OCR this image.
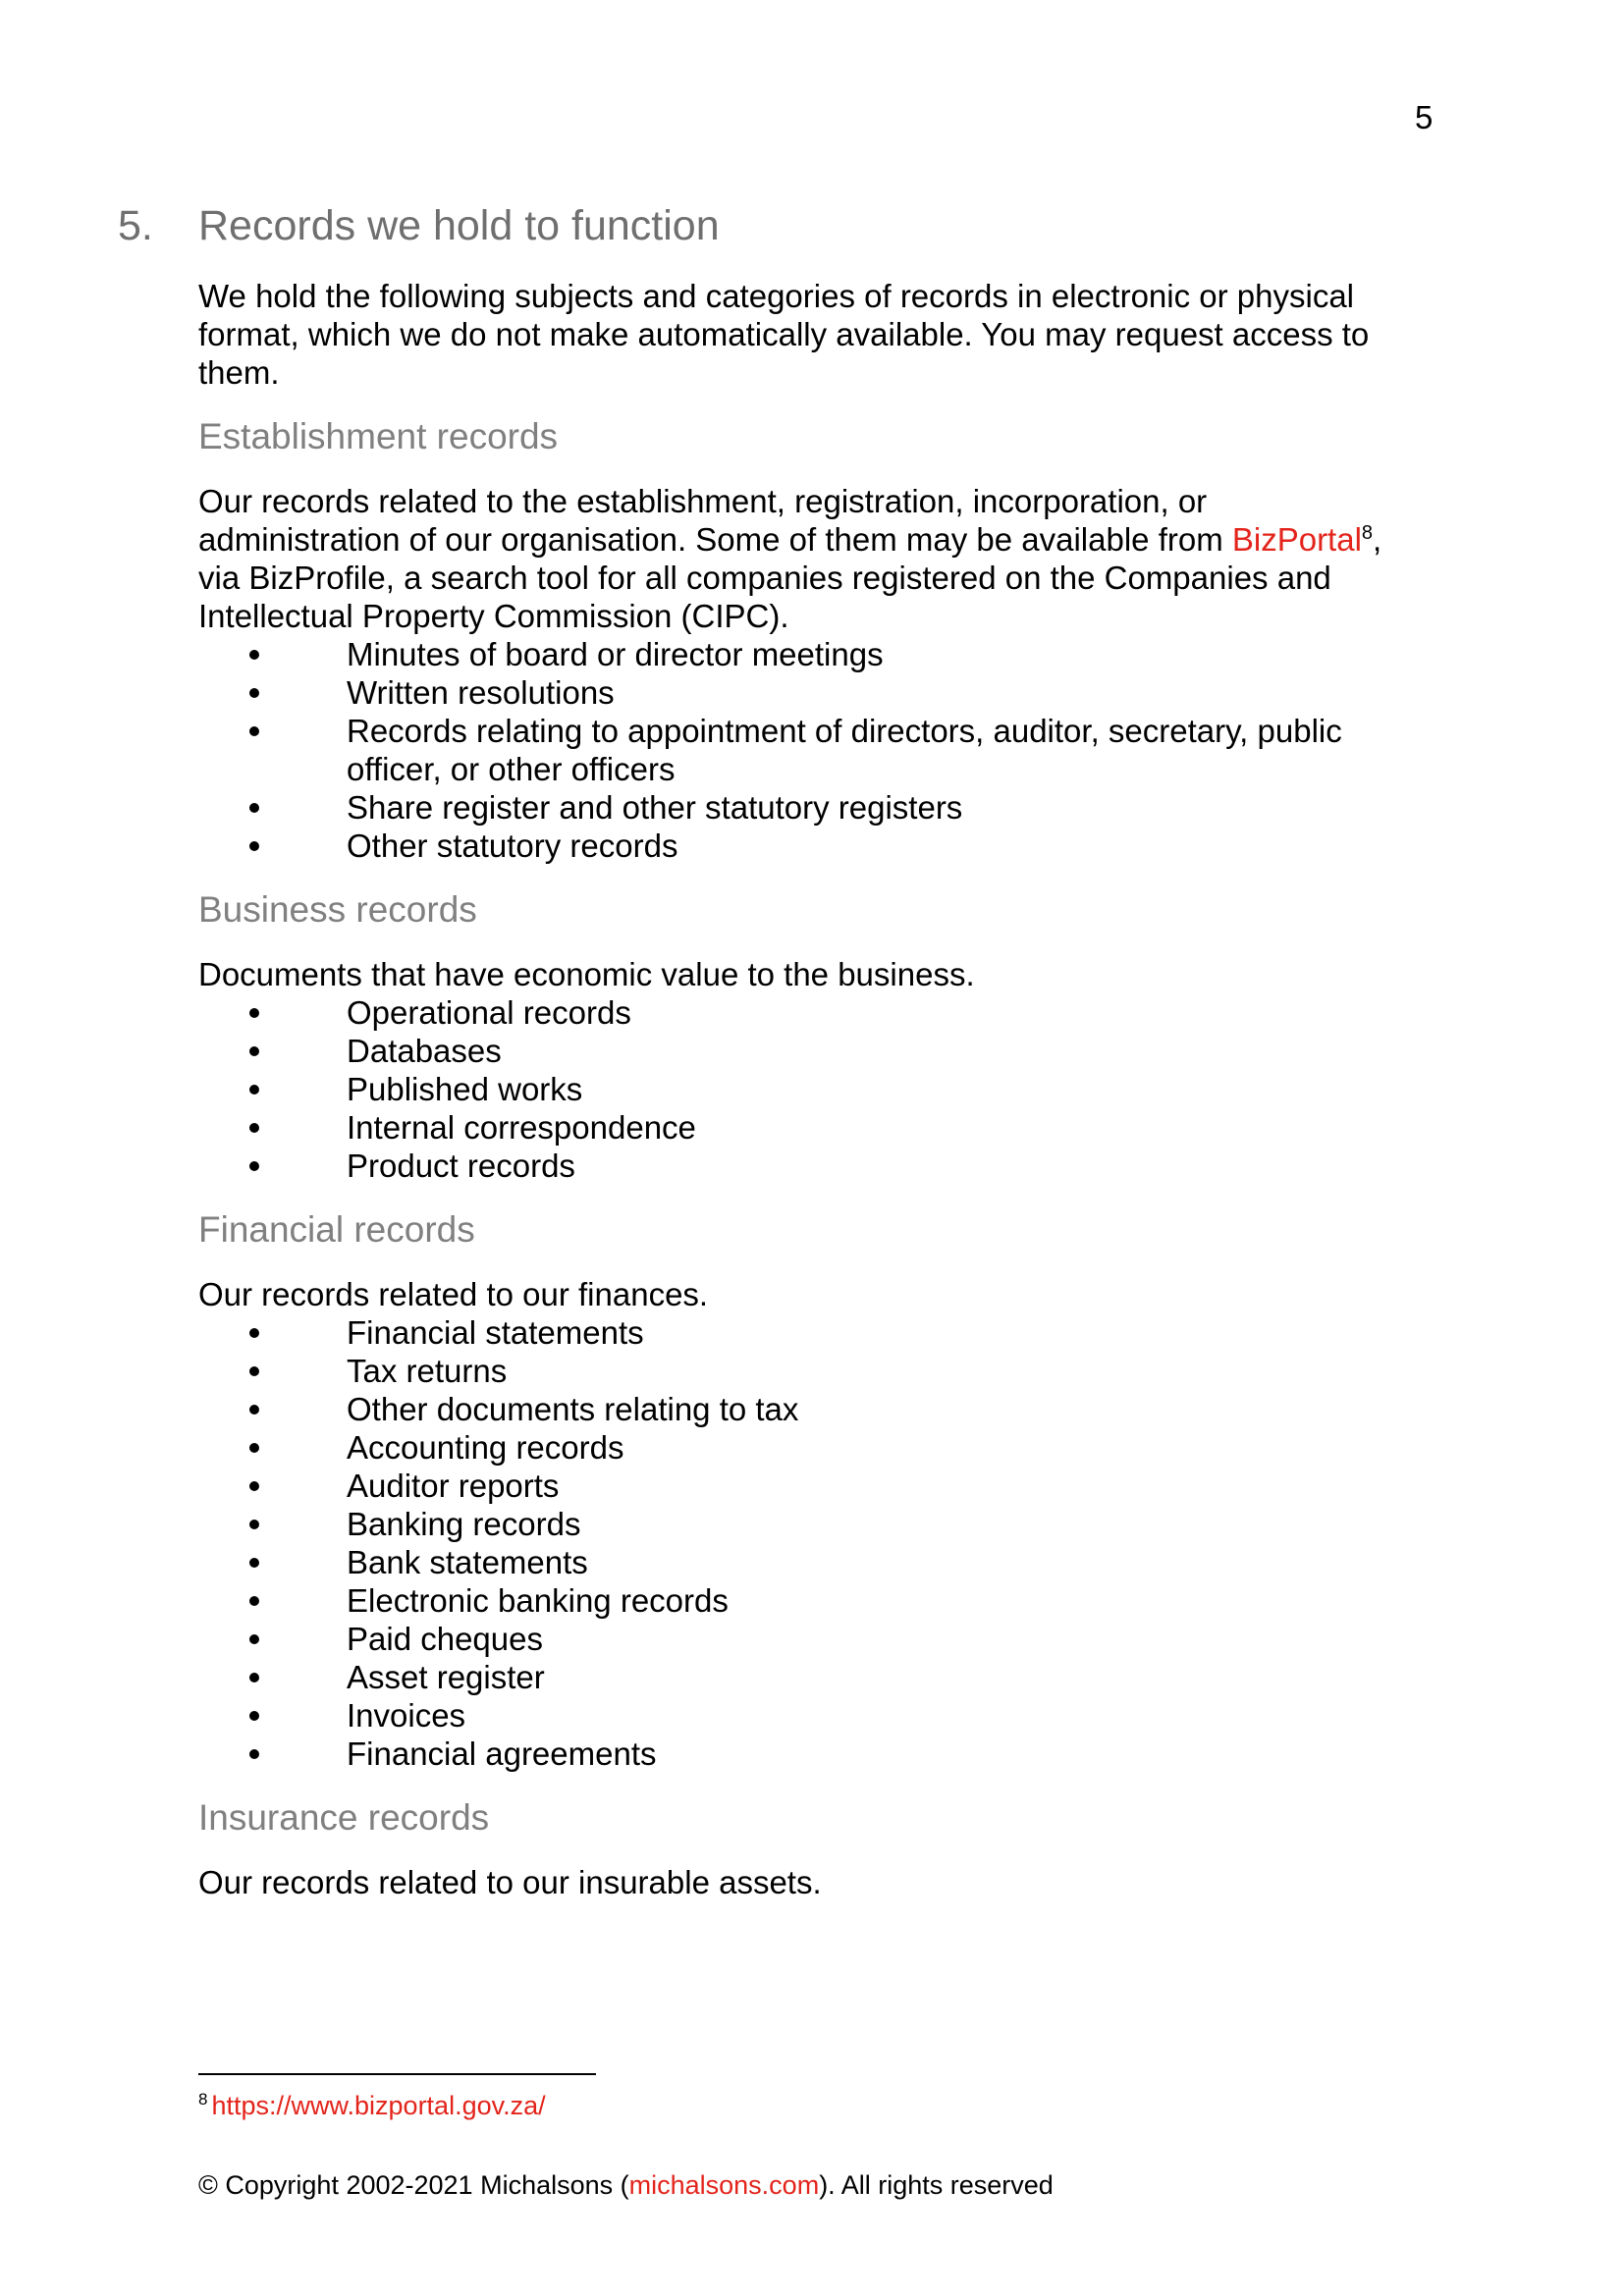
5
5. Records we hold to function

We hold the following subjects and categories of records in electronic or physical format, which we do not make automatically available. You may request access to them.

Establishment records

Our records related to the establishment, registration, incorporation, or administration of our organisation. Some of them may be available from BizPortal$^8$, via BizProfile, a search tool for all companies registered on the Companies and Intellectual Property Commission (CIPC).

Minutes of board or director meetings
Written resolutions
Records relating to appointment of directors, auditor, secretary, public officer, or other officers
Share register and other statutory registers
Other statutory records
Business records

Documents that have economic value to the business.

Operational records
Databases
Published works
Internal correspondence
Product records
Financial records

Our records related to our finances.

Financial statements
Tax returns
Other documents relating to tax
Accounting records
Auditor reports
Banking records
Bank statements
Electronic banking records
Paid cheques
Asset register
Invoices
Financial agreements
Insurance records

Our records related to our insurable assets.

$^8$ https://www.bizportal.gov.za/
© Copyright 2002-2021 Michalsons (michalsons.com). All rights reserved
